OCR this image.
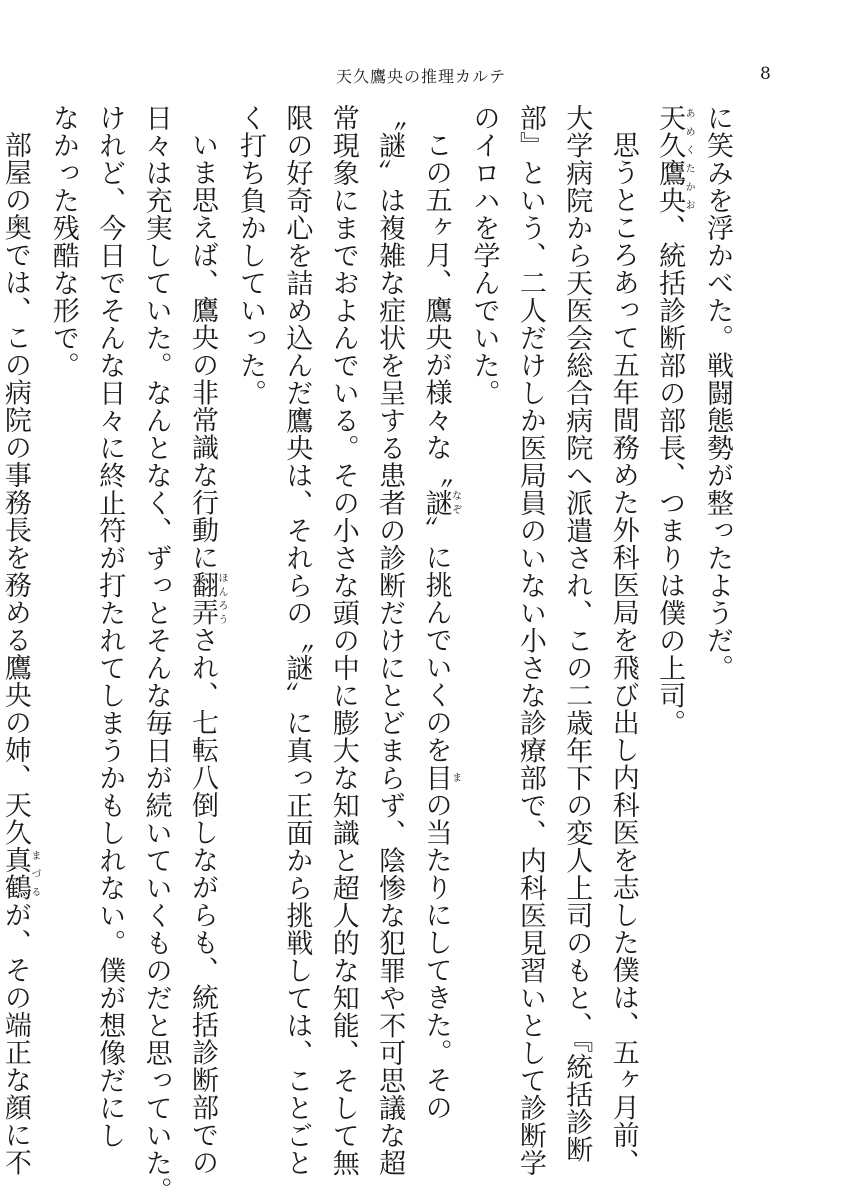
天久鷹央の推理カルテ	8
に笑みを浮かべた。戦闘態勢が整ったようだ。
天久あめく鷹央たかお、統括診断部の部長、つまりは僕の上司。
思うところあって五年間務めた外科医局を飛び出し内科医を志した僕は、五ヶ月前、
大学病院から天医会総合病院へ派遣され、この二歳年下の変人上司のもと、『統括診断
部』という、二人だけしか医局員のいない小さな診療部で、内科医見習いとして診断学
のイロハを学んでいた。
この五ヶ月、鷹央が様々な〝謎なぞ〟に挑んでいくのを目まの当たりにしてきた。その
〝謎〟は複雑な症状を呈する患者の診断だけにとどまらず、陰惨な犯罪や不可思議な超
常現象にまでおよんでいる。その小さな頭の中に膨大な知識と超人的な知能、そして無
限の好奇心を詰め込んだ鷹央は、それらの〝謎〟に真っ正面から挑戦しては、ことごと
く打ち負かしていった。
いま思えば、鷹央の非常識な行動に翻弄ほんろうされ、七転八倒しながらも、統括診断部での
日々は充実していた。なんとなく、ずっとそんな毎日が続いていくものだと思っていた。
けれど、今日でそんな日々に終止符が打たれてしまうかもしれない。僕が想像だにし
なかった残酷な形で。
部屋の奥では、この病院の事務長を務める鷹央の姉、天久真鶴まづるが、その端正な顔に不
